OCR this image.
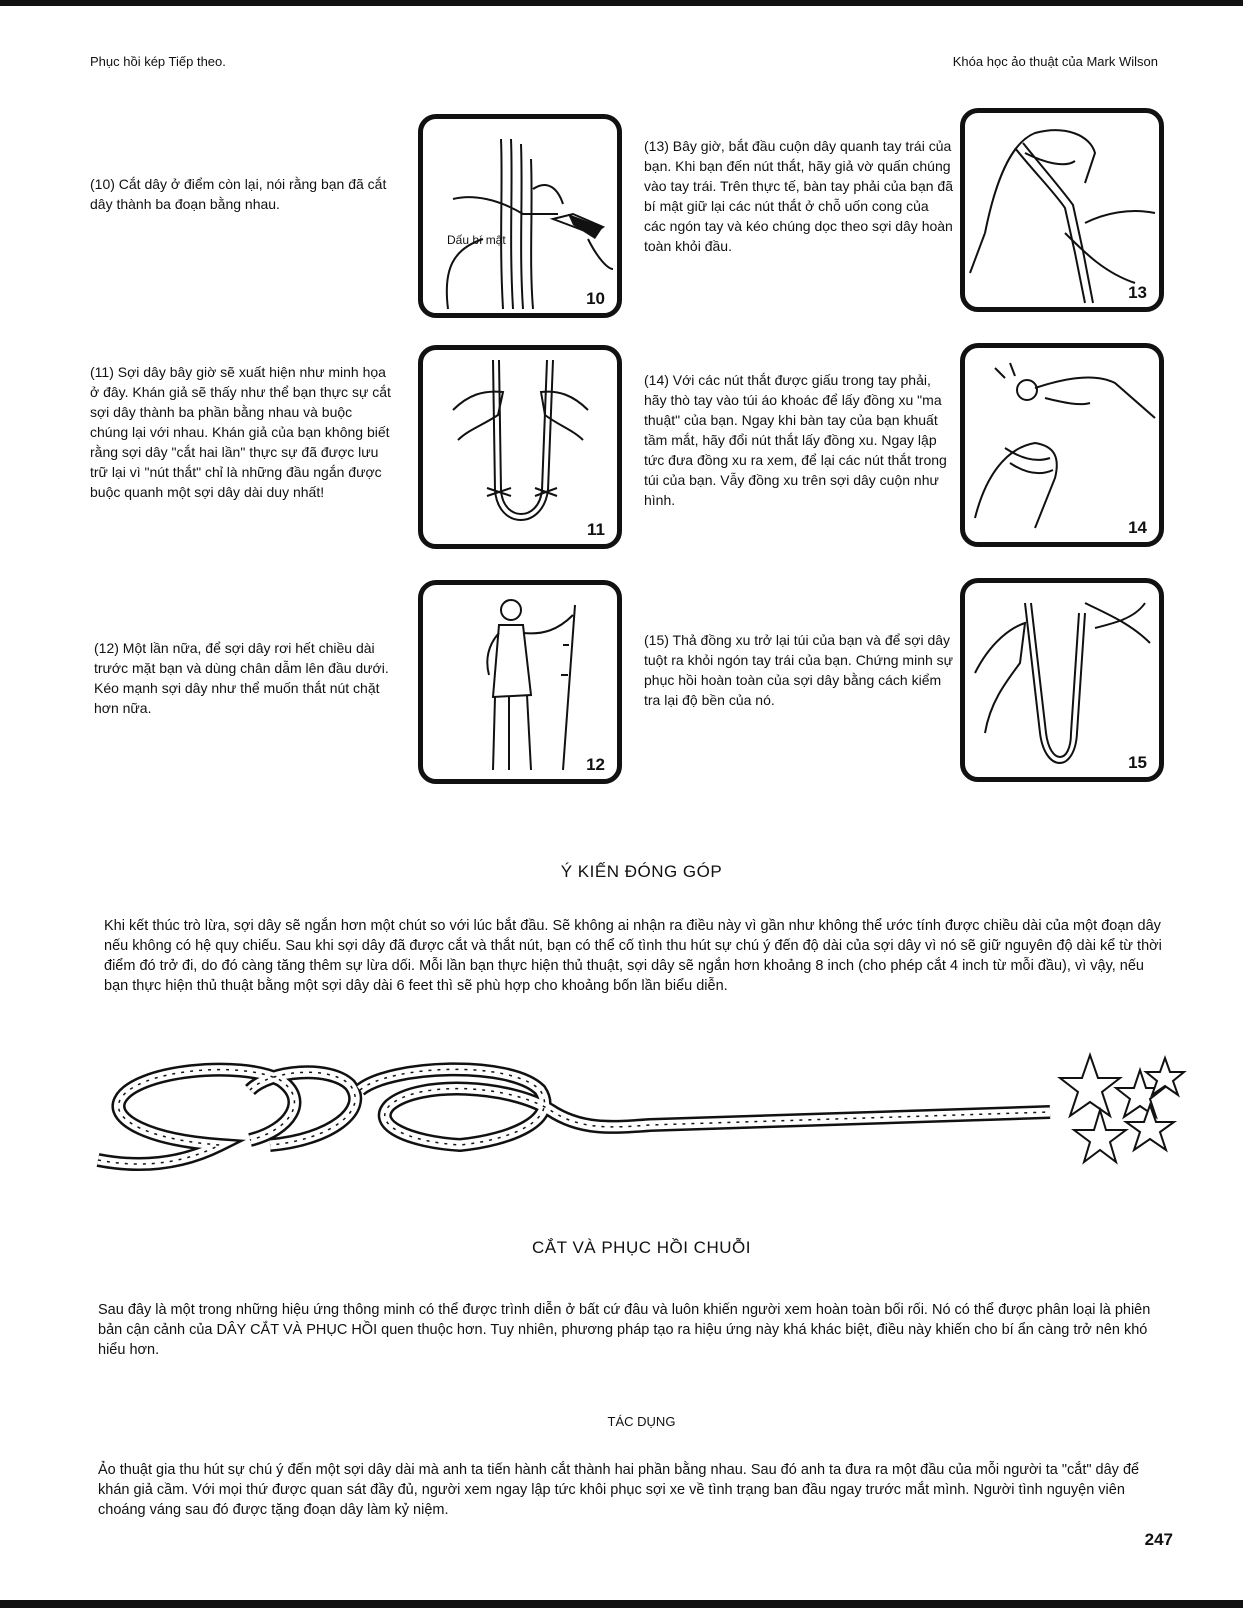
Phục hồi kép Tiếp theo.	Khóa học ảo thuật của Mark Wilson
(10) Cắt dây ở điểm còn lại, nói rằng bạn đã cắt dây thành ba đoạn bằng nhau.
Dấu bí mật
10
(13) Bây giờ, bắt đầu cuộn dây quanh tay trái của bạn. Khi bạn đến nút thắt, hãy giả vờ quấn chúng vào tay trái. Trên thực tế, bàn tay phải của bạn đã bí mật giữ lại các nút thắt ở chỗ uốn cong của các ngón tay và kéo chúng dọc theo sợi dây hoàn toàn khỏi đầu.
13
(11) Sợi dây bây giờ sẽ xuất hiện như minh họa ở đây. Khán giả sẽ thấy như thể bạn thực sự cắt sợi dây thành ba phần bằng nhau và buộc chúng lại với nhau. Khán giả của bạn không biết rằng sợi dây "cắt hai lần" thực sự đã được lưu trữ lại vì "nút thắt" chỉ là những đầu ngắn được buộc quanh một sợi dây dài duy nhất!
11
(14) Với các nút thắt được giấu trong tay phải, hãy thò tay vào túi áo khoác để lấy đồng xu "ma thuật" của bạn. Ngay khi bàn tay của bạn khuất tầm mắt, hãy đổi nút thắt lấy đồng xu. Ngay lập tức đưa đồng xu ra xem, để lại các nút thắt trong túi của bạn. Vẫy đồng xu trên sợi dây cuộn như hình.
14
(12) Một lần nữa, để sợi dây rơi hết chiều dài trước mặt bạn và dùng chân dẫm lên đầu dưới. Kéo mạnh sợi dây như thể muốn thắt nút chặt hơn nữa.
12
(15) Thả đồng xu trở lại túi của bạn và để sợi dây tuột ra khỏi ngón tay trái của bạn. Chứng minh sự phục hồi hoàn toàn của sợi dây bằng cách kiểm tra lại độ bền của nó.
15
Ý KIẾN ĐÓNG GÓP
Khi kết thúc trò lừa, sợi dây sẽ ngắn hơn một chút so với lúc bắt đầu. Sẽ không ai nhận ra điều này vì gần như không thể ước tính được chiều dài của một đoạn dây nếu không có hệ quy chiếu. Sau khi sợi dây đã được cắt và thắt nút, bạn có thể cố tình thu hút sự chú ý đến độ dài của sợi dây vì nó sẽ giữ nguyên độ dài kể từ thời điểm đó trở đi, do đó càng tăng thêm sự lừa dối. Mỗi lần bạn thực hiện thủ thuật, sợi dây sẽ ngắn hơn khoảng 8 inch (cho phép cắt 4 inch từ mỗi đầu), vì vậy, nếu bạn thực hiện thủ thuật bằng một sợi dây dài 6 feet thì sẽ phù hợp cho khoảng bốn lần biểu diễn.
CẮT VÀ PHỤC HỒI CHUỖI
Sau đây là một trong những hiệu ứng thông minh có thể được trình diễn ở bất cứ đâu và luôn khiến người xem hoàn toàn bối rối. Nó có thể được phân loại là phiên bản cận cảnh của DÂY CẮT VÀ PHỤC HỒI quen thuộc hơn. Tuy nhiên, phương pháp tạo ra hiệu ứng này khá khác biệt, điều này khiến cho bí ẩn càng trở nên khó hiểu hơn.
TÁC DỤNG
Ảo thuật gia thu hút sự chú ý đến một sợi dây dài mà anh ta tiến hành cắt thành hai phần bằng nhau. Sau đó anh ta đưa ra một đầu của mỗi người ta "cắt" dây để khán giả cầm. Với mọi thứ được quan sát đầy đủ, người xem ngay lập tức khôi phục sợi xe về tình trạng ban đầu ngay trước mắt mình. Người tình nguyện viên choáng váng sau đó được tặng đoạn dây làm kỷ niệm.
247
